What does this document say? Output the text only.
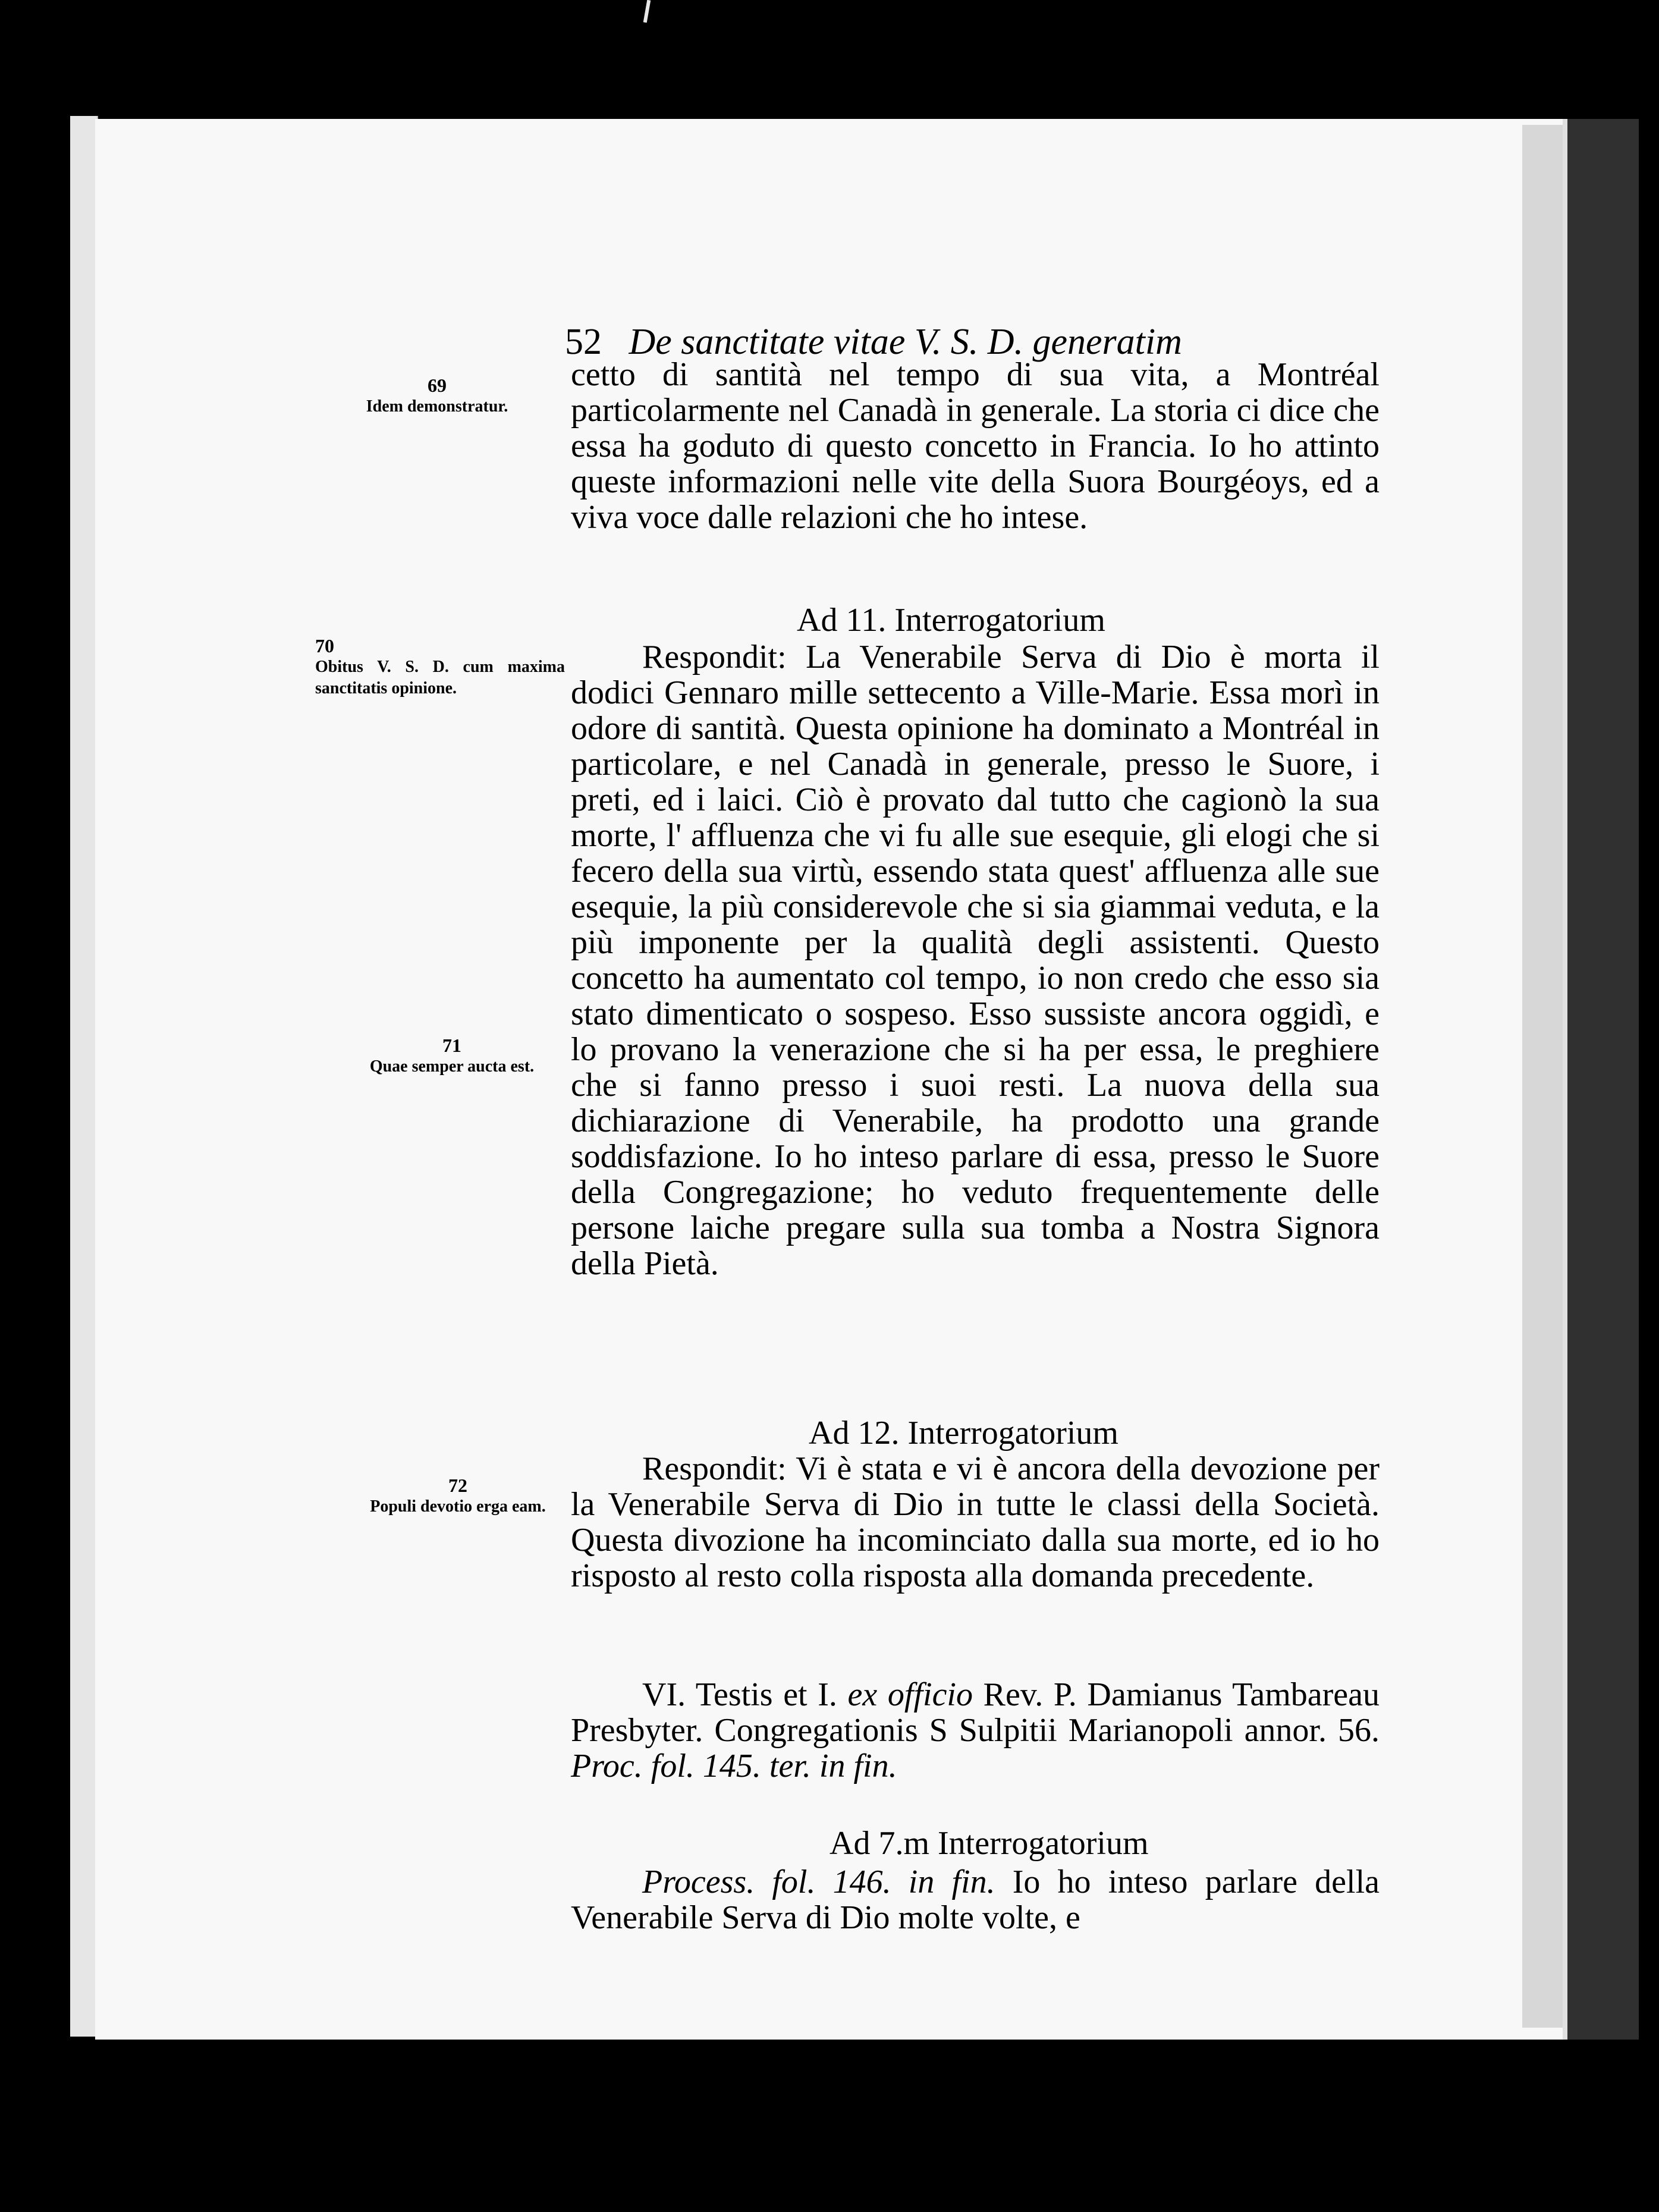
52 De sanctitate vitae V. S. D. generatim
69
Idem demonstratur.
70
Obitus V. S. D. cum maxima sanctitatis opinione.
71
Quae semper aucta est.
72
Populi devotio erga eam.
cetto di santità nel tempo di sua vita, a Montréal particolarmente nel Canadà in generale. La storia ci dice che essa ha goduto di questo concetto in Francia. Io ho attinto queste informazioni nelle vite della Suora Bourgéoys, ed a viva voce dalle relazioni che ho intese.
Ad 11. Interrogatorium
Respondit: La Venerabile Serva di Dio è morta il dodici Gennaro mille settecento a Ville-Marie. Essa morì in odore di santità. Questa opinione ha dominato a Montréal in particolare, e nel Canadà in generale, presso le Suore, i preti, ed i laici. Ciò è provato dal tutto che cagionò la sua morte, l' affluenza che vi fu alle sue esequie, gli elogi che si fecero della sua virtù, essendo stata quest' affluenza alle sue esequie, la più considerevole che si sia giammai veduta, e la più imponente per la qualità degli assistenti. Questo concetto ha aumentato col tempo, io non credo che esso sia stato dimenticato o sospeso. Esso sussiste ancora oggidì, e lo provano la venerazione che si ha per essa, le preghiere che si fanno presso i suoi resti. La nuova della sua dichiarazione di Venerabile, ha prodotto una grande soddisfazione. Io ho inteso parlare di essa, presso le Suore della Congregazione; ho veduto frequentemente delle persone laiche pregare sulla sua tomba a Nostra Signora della Pietà.
Ad 12. Interrogatorium
Respondit: Vi è stata e vi è ancora della devozione per la Venerabile Serva di Dio in tutte le classi della Società. Questa divozione ha incominciato dalla sua morte, ed io ho risposto al resto colla risposta alla domanda precedente.
VI. Testis et I. ex officio Rev. P. Damianus Tambareau Presbyter. Congregationis S Sulpitii Marianopoli annor. 56. Proc. fol. 145. ter. in fin.
Ad 7.m Interrogatorium
Process. fol. 146. in fin. Io ho inteso parlare della Venerabile Serva di Dio molte volte, e
